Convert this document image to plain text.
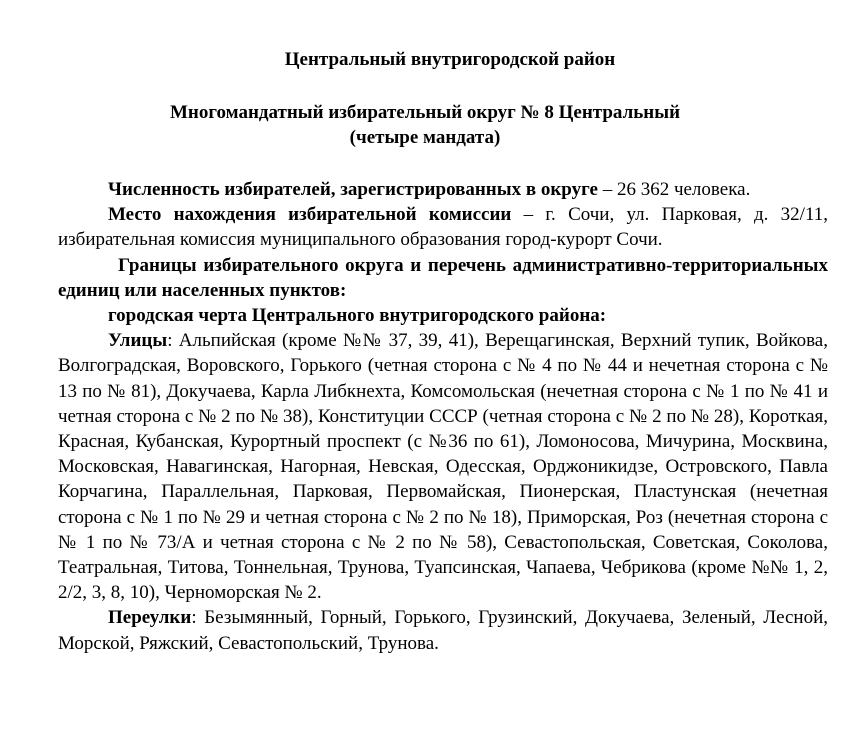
Центральный внутригородской район
Многомандатный избирательный округ № 8 Центральный
(четыре мандата)

Численность избирателей, зарегистрированных в округе – 26 362 человека.

Место нахождения избирательной комиссии – г. Сочи, ул. Парковая, д. 32/11, избирательная комиссия муниципального образования город-курорт Сочи.

Границы избирательного округа и перечень административно-территориальных единиц или населенных пунктов:

городская черта Центрального внутригородского района:

Улицы: Альпийская (кроме №№ 37, 39, 41), Верещагинская, Верхний тупик, Войкова, Волгоградская, Воровского, Горького (четная сторона с № 4 по № 44 и нечетная сторона с № 13 по № 81), Докучаева, Карла Либкнехта, Комсомольская (нечетная сторона с № 1 по № 41 и четная сторона с № 2 по № 38), Конституции СССР (четная сторона с № 2 по № 28), Короткая, Красная, Кубанская, Курортный проспект (с №36 по 61), Ломоносова, Мичурина, Москвина, Московская, Навагинская, Нагорная, Невская, Одесская, Орджоникидзе, Островского, Павла Корчагина, Параллельная, Парковая, Первомайская, Пионерская, Пластунская (нечетная сторона с № 1 по № 29 и четная сторона с № 2 по № 18), Приморская, Роз (нечетная сторона с № 1 по № 73/А и четная сторона с № 2 по № 58), Севастопольская, Советская, Соколова, Театральная, Титова, Тоннельная, Трунова, Туапсинская, Чапаева, Чебрикова (кроме №№ 1, 2, 2/2, 3, 8, 10), Черноморская № 2.

Переулки: Безымянный, Горный, Горького, Грузинский, Докучаева, Зеленый, Лесной, Морской, Ряжский, Севастопольский, Трунова.
